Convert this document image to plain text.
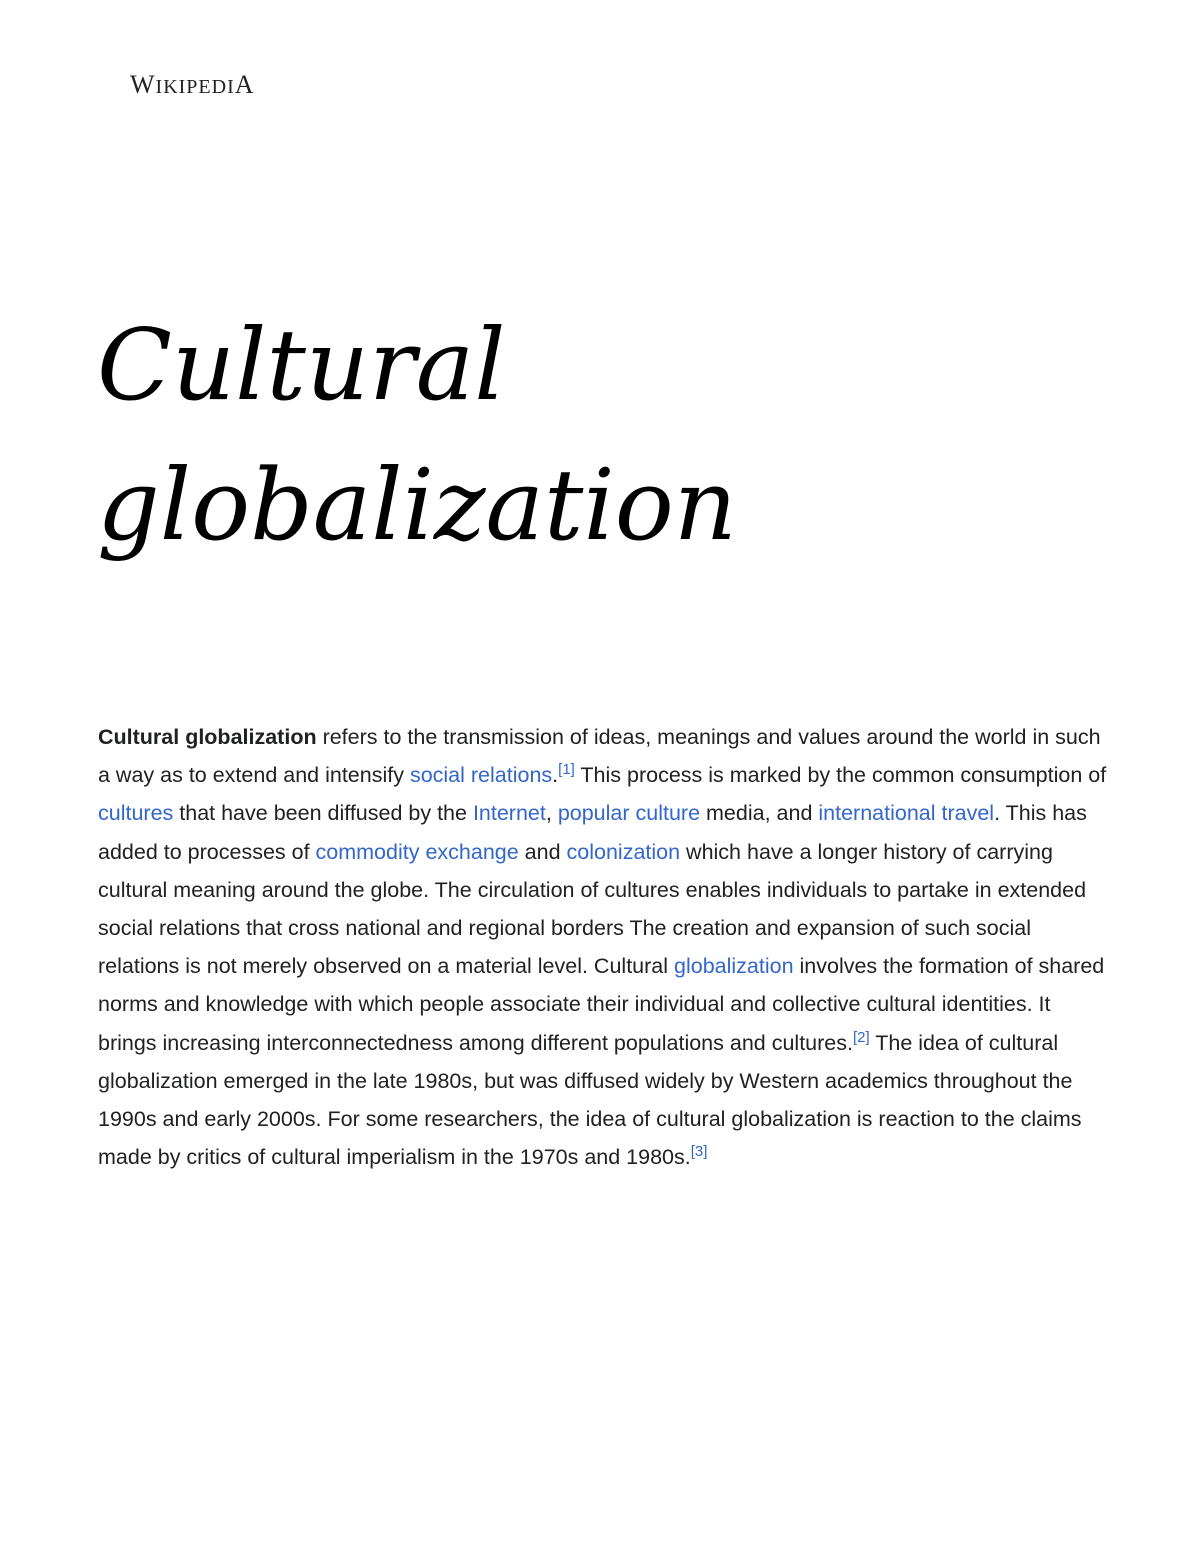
WIKIPEDIA
Cultural
globalization

Cultural globalization refers to the transmission of ideas, meanings and values around the world in such a way as to extend and intensify social relations.[1] This process is marked by the common consumption of cultures that have been diffused by the Internet, popular culture media, and international travel. This has added to processes of commodity exchange and colonization which have a longer history of carrying cultural meaning around the globe. The circulation of cultures enables individuals to partake in extended social relations that cross national and regional borders The creation and expansion of such social relations is not merely observed on a material level. Cultural globalization involves the formation of shared norms and knowledge with which people associate their individual and collective cultural identities. It brings increasing interconnectedness among different populations and cultures.[2] The idea of cultural globalization emerged in the late 1980s, but was diffused widely by Western academics throughout the 1990s and early 2000s. For some researchers, the idea of cultural globalization is reaction to the claims made by critics of cultural imperialism in the 1970s and 1980s.[3]
